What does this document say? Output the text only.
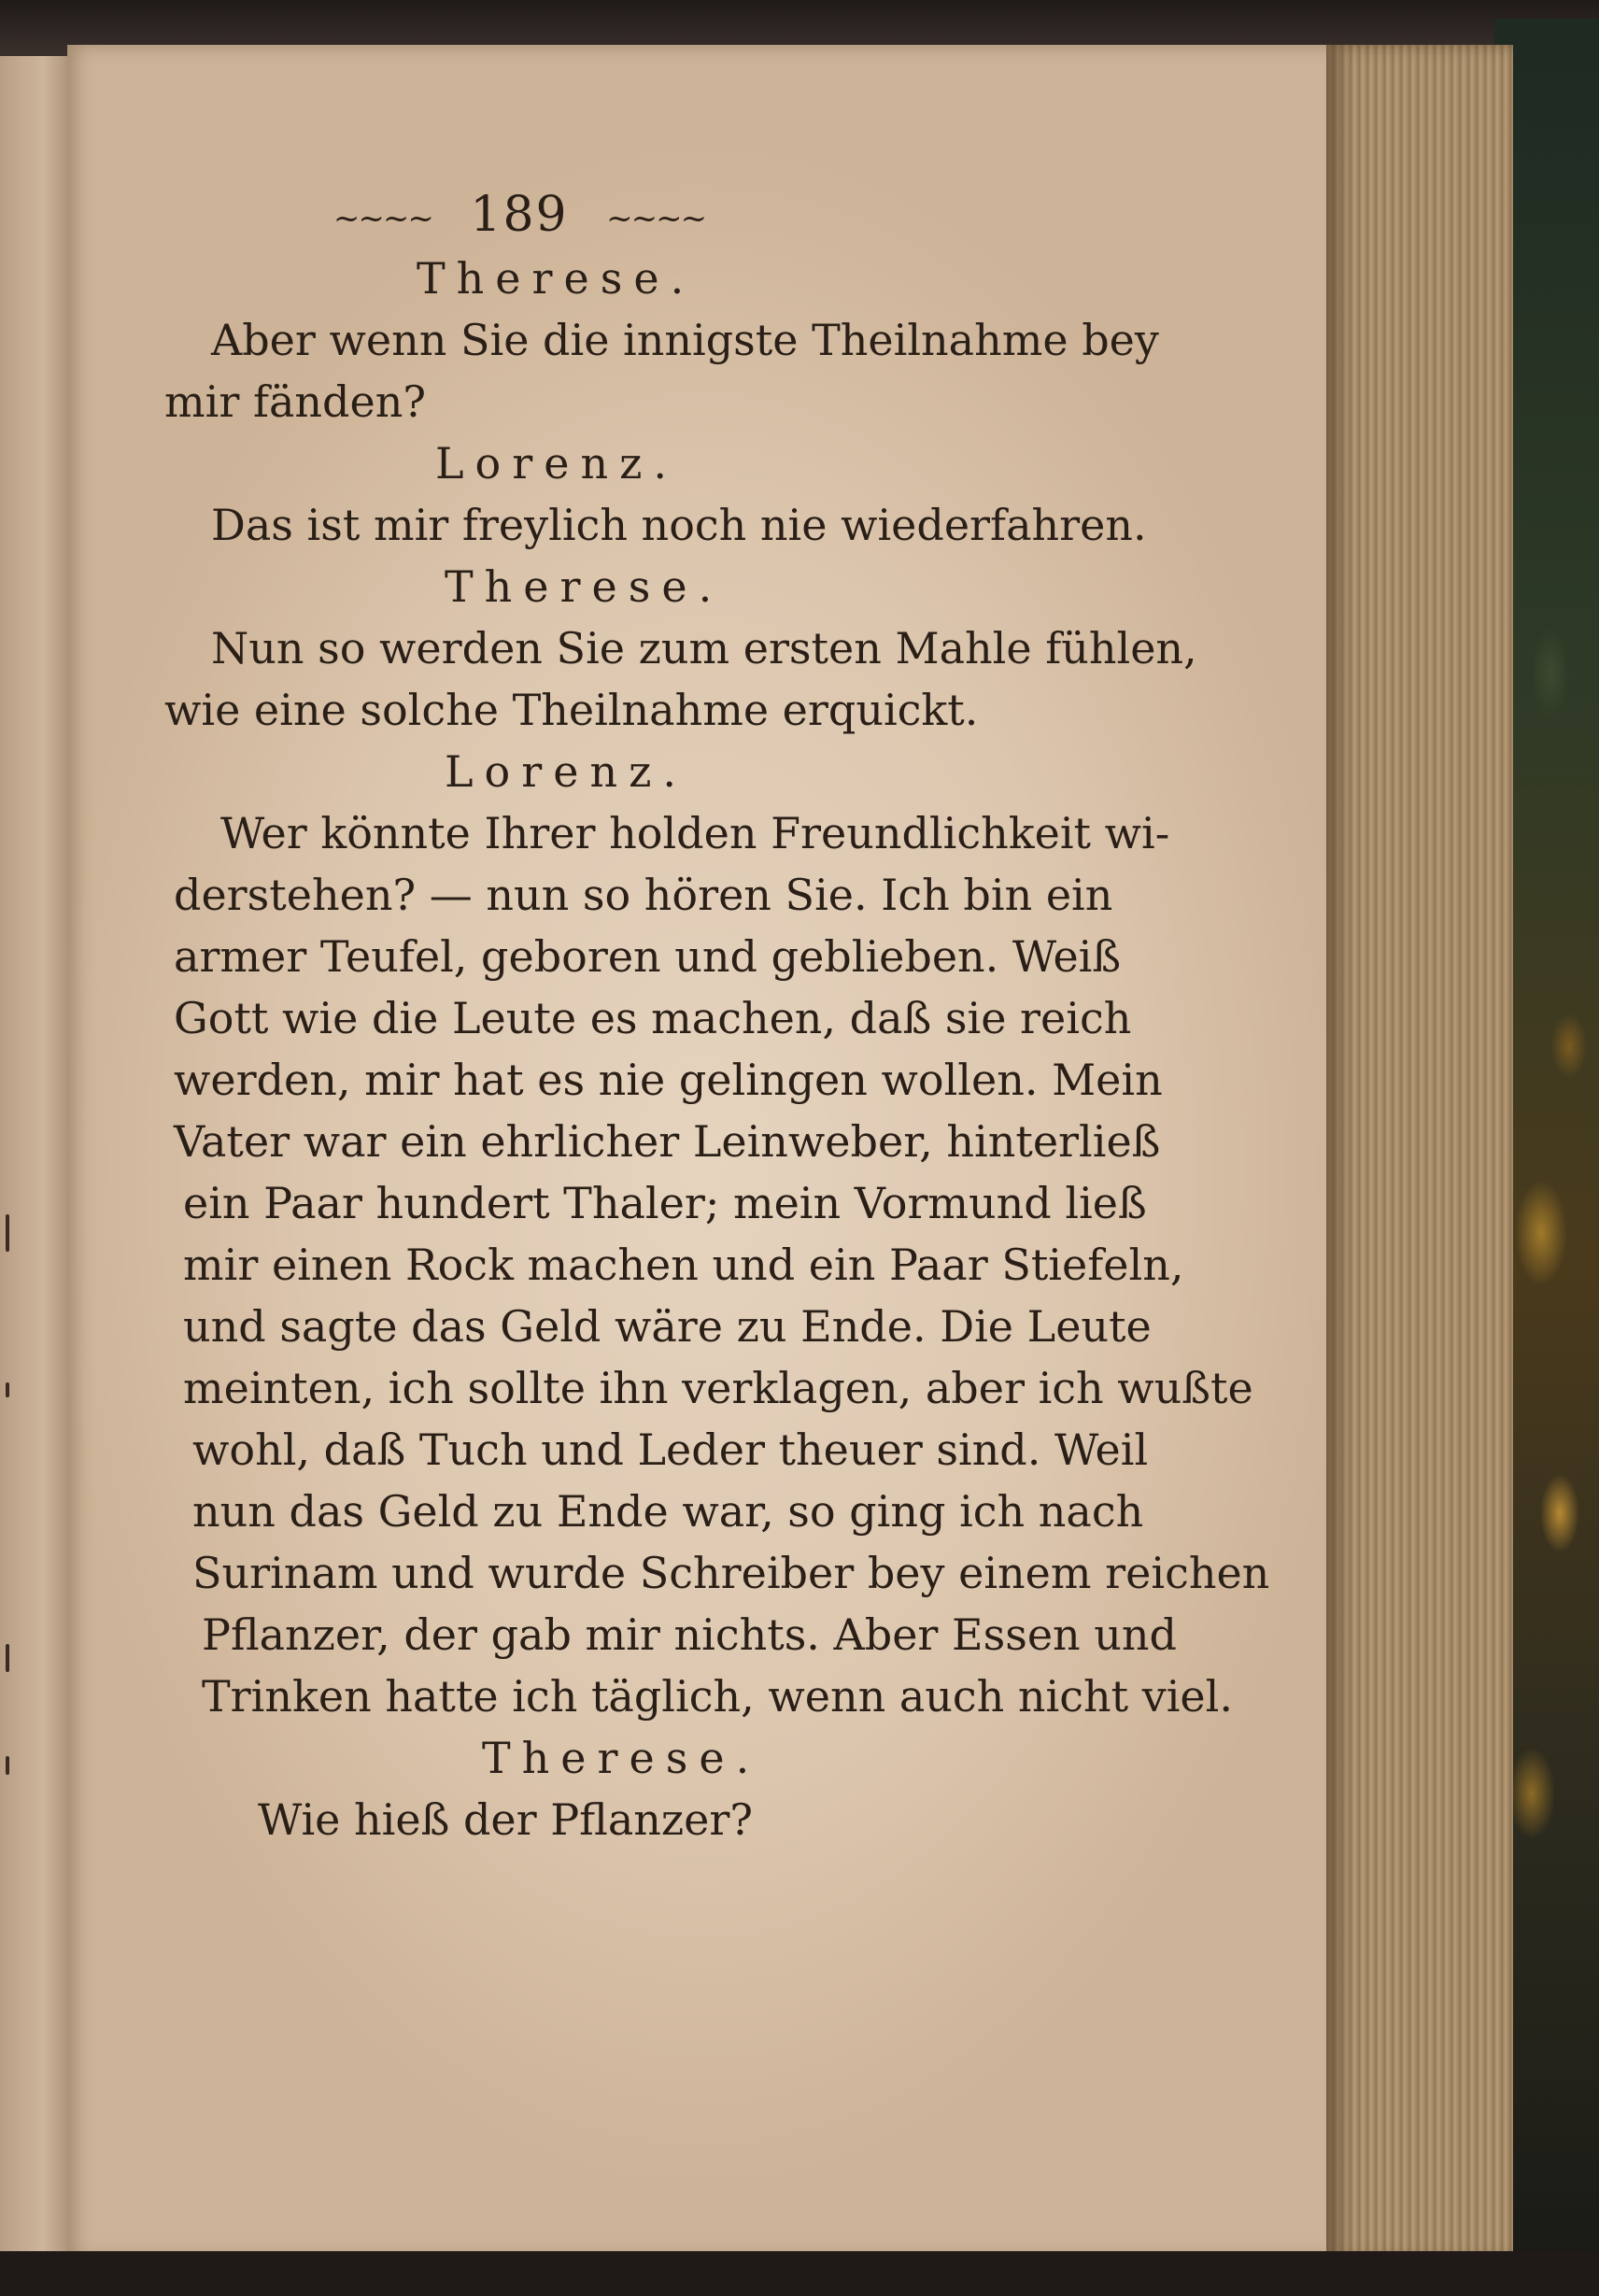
~~~~ 189 ~~~~
Therese.
Aber wenn Sie die innigste Theilnahme bey
mir fänden?
Lorenz.
Das ist mir freylich noch nie wiederfahren.
Therese.
Nun so werden Sie zum ersten Mahle fühlen,
wie eine solche Theilnahme erquickt.
Lorenz.
Wer könnte Ihrer holden Freundlichkeit wi-
derstehen? — nun so hören Sie. Ich bin ein
armer Teufel, geboren und geblieben. Weiß
Gott wie die Leute es machen, daß sie reich
werden, mir hat es nie gelingen wollen. Mein
Vater war ein ehrlicher Leinweber, hinterließ
ein Paar hundert Thaler; mein Vormund ließ
mir einen Rock machen und ein Paar Stiefeln,
und sagte das Geld wäre zu Ende. Die Leute
meinten, ich sollte ihn verklagen, aber ich wußte
wohl, daß Tuch und Leder theuer sind. Weil
nun das Geld zu Ende war, so ging ich nach
Surinam und wurde Schreiber bey einem reichen
Pflanzer, der gab mir nichts. Aber Essen und
Trinken hatte ich täglich, wenn auch nicht viel.
Therese.
Wie hieß der Pflanzer?
